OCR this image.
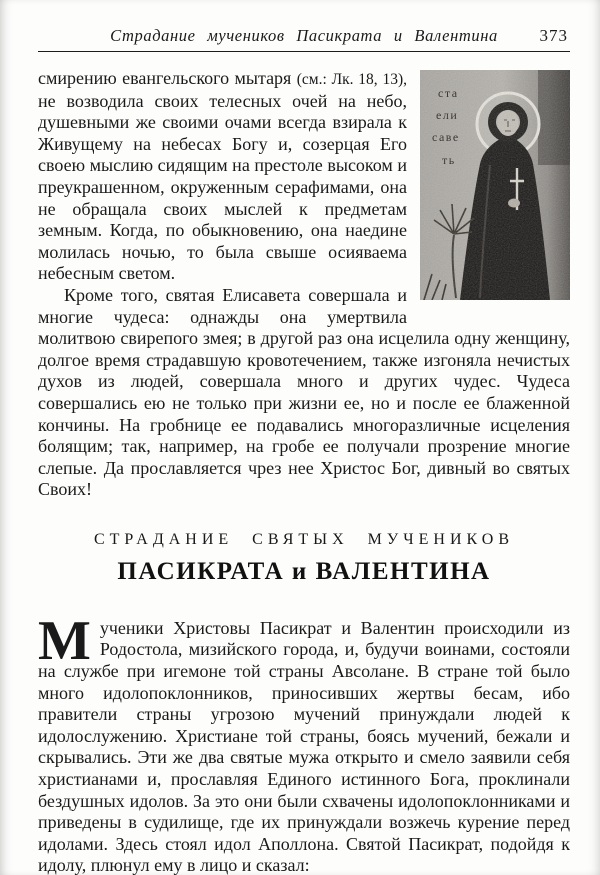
Страдание мучеников Пасикрата и Валентина 373
ста
ели
саве
ть

смирению евангельского мытаря (см.: Лк. 18, 13), не возводила своих телесных очей на небо, душевными же своими очами всегда взирала к Живущему на небесах Богу и, созерцая Его своею мыслию сидящим на престоле высоком и преукрашенном, окруженным серафимами, она не обращала своих мыслей к предметам земным. Когда, по обыкновению, она наедине молилась ночью, то была свыше осияваема небесным светом.

Кроме того, святая Елисавета совершала и многие чудеса: однажды она умертвила молитвою свирепого змея; в другой раз она исцелила одну женщину, долгое время страдавшую кровотечением, также изгоняла нечистых духов из людей, совершала много и других чудес. Чудеса совершались ею не только при жизни ее, но и после ее блаженной кончины. На гробнице ее подавались многоразличные исцеления болящим; так, например, на гробе ее получали прозрение многие слепые. Да прославляется чрез нее Христос Бог, дивный во святых Своих!

СТРАДАНИЕ СВЯТЫХ МУЧЕНИКОВ
ПАСИКРАТА и ВАЛЕНТИНА

Мученики Христовы Пасикрат и Валентин происходили из Родостола, мизийского города, и, будучи воинами, состояли на службе при игемоне той страны Авсолане. В стране той было много идолопоклонников, приносивших жертвы бесам, ибо правители страны угрозою мучений принуждали людей к идолослужению. Христиане той страны, боясь мучений, бежали и скрывались. Эти же два святые мужа открыто и смело заявили себя христианами и, прославляя Единого истинного Бога, проклинали бездушных идолов. За это они были схвачены идолопоклонниками и приведены в судилище, где их принуждали возжечь курение перед идолами. Здесь стоял идол Аполлона. Святой Пасикрат, подойдя к идолу, плюнул ему в лицо и сказал:
